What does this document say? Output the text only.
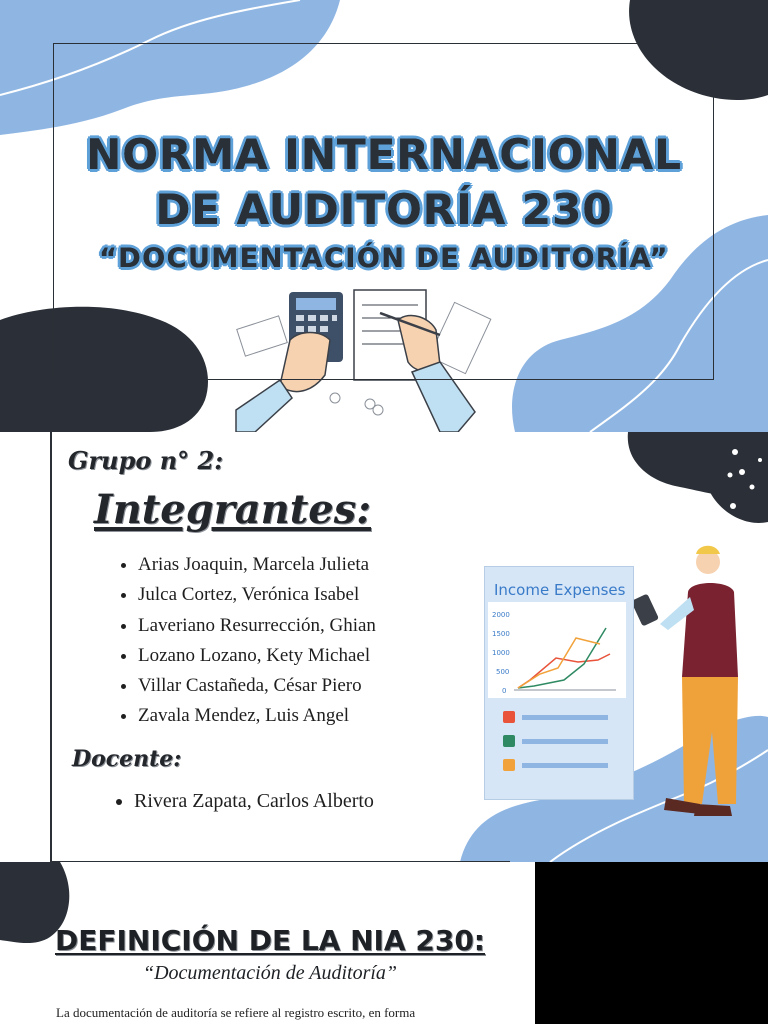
NORMA INTERNACIONAL
DE AUDITORÍA 230
“DOCUMENTACIÓN DE AUDITORÍA”
Grupo n° 2:
Integrantes:
• Arias Joaquin, Marcela Julieta
• Julca Cortez, Verónica Isabel
• Laveriano Resurrección, Ghian
• Lozano Lozano, Kety Michael
• Villar Castañeda, César Piero
• Zavala Mendez, Luis Angel
Docente:
• Rivera Zapata, Carlos Alberto
Income Expenses
2000
1500
1000
500
0
DEFINICIÓN DE LA NIA 230:
“Documentación de Auditoría”
La documentación de auditoría se refiere al registro escrito, en forma
